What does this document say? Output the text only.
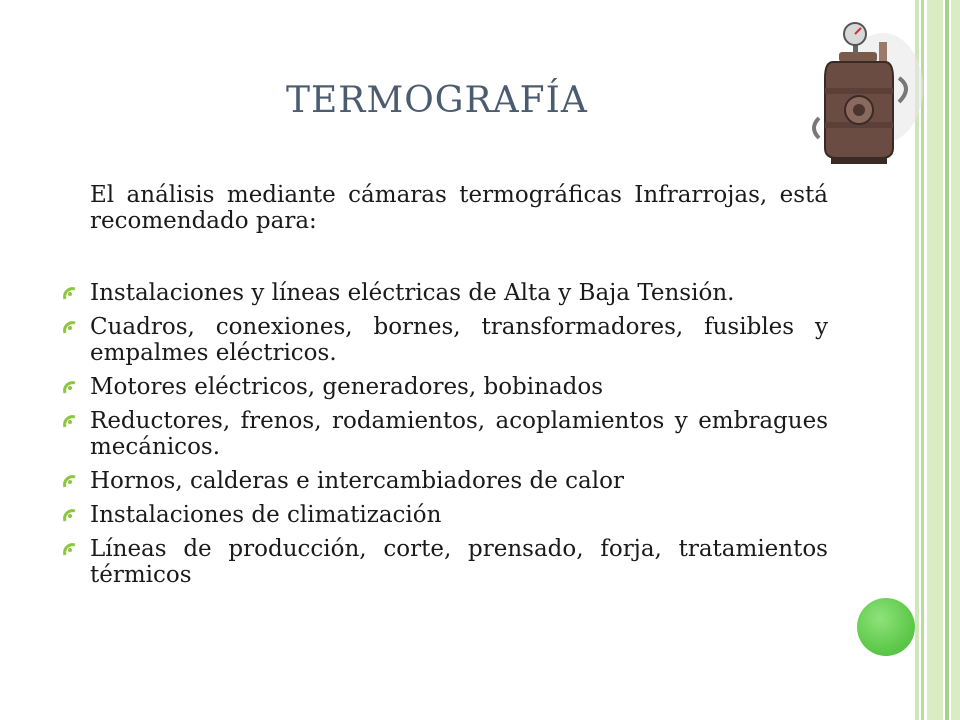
TERMOGRAFÍA
El análisis mediante cámaras termográficas Infrarrojas, está recomendado para:
Instalaciones y líneas eléctricas de Alta y Baja Tensión.
Cuadros, conexiones, bornes, transformadores, fusibles y empalmes eléctricos.
Motores eléctricos, generadores, bobinados
Reductores, frenos, rodamientos, acoplamientos y embragues mecánicos.
Hornos, calderas e intercambiadores de calor
Instalaciones de climatización
Líneas de producción, corte, prensado, forja, tratamientos térmicos
